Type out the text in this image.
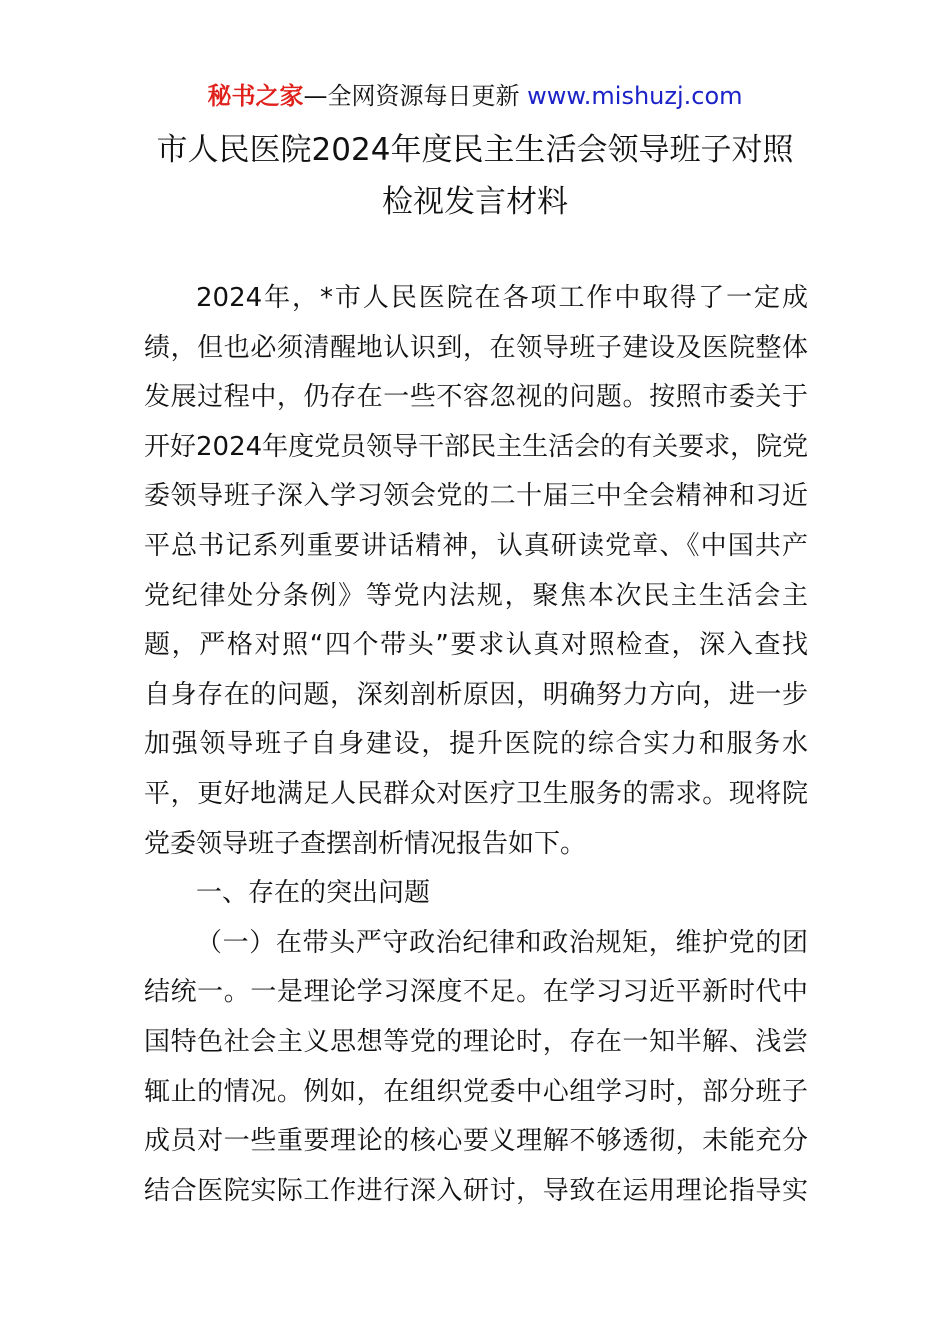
秘书之家—全网资源每日更新 www.mishuzj.com
市人民医院2024年度民主生活会领导班子对照
检视发言材料
2024年，*市人民医院在各项工作中取得了一定成
绩，但也必须清醒地认识到，在领导班子建设及医院整体
发展过程中，仍存在一些不容忽视的问题。按照市委关于
开好2024年度党员领导干部民主生活会的有关要求，院党
委领导班子深入学习领会党的二十届三中全会精神和习近
平总书记系列重要讲话精神，认真研读党章、《中国共产
党纪律处分条例》等党内法规，聚焦本次民主生活会主
题，严格对照“四个带头”要求认真对照检查，深入查找
自身存在的问题，深刻剖析原因，明确努力方向，进一步
加强领导班子自身建设，提升医院的综合实力和服务水
平，更好地满足人民群众对医疗卫生服务的需求。现将院
党委领导班子查摆剖析情况报告如下。
一、存在的突出问题
（一）在带头严守政治纪律和政治规矩，维护党的团
结统一。一是理论学习深度不足。在学习习近平新时代中
国特色社会主义思想等党的理论时，存在一知半解、浅尝
辄止的情况。例如，在组织党委中心组学习时，部分班子
成员对一些重要理论的核心要义理解不够透彻，未能充分
结合医院实际工作进行深入研讨，导致在运用理论指导实
